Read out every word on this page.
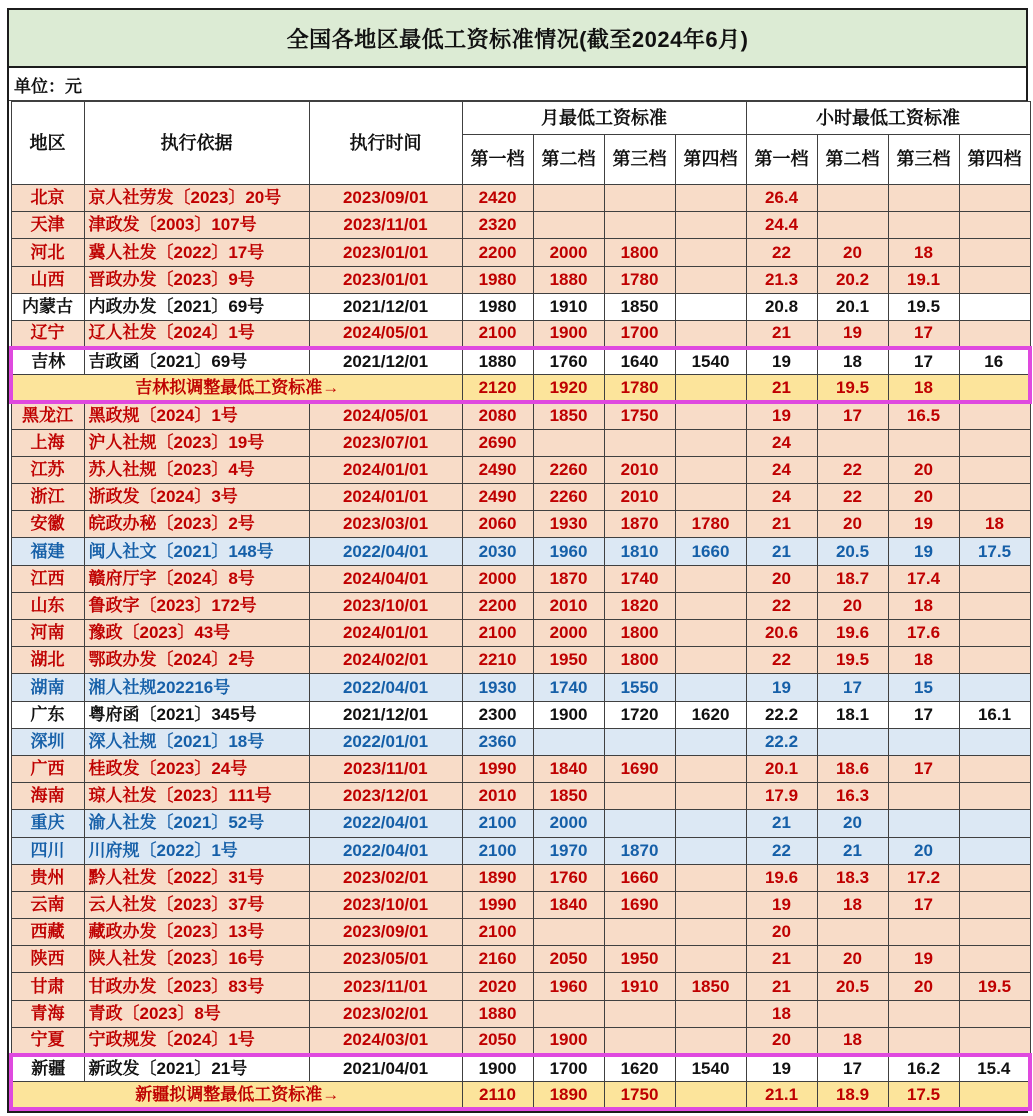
全国各地区最低工资标准情况(截至2024年6月)
单位：元
地区	执行依据	执行时间	月最低工资标准				小时最低工资标准			
			第一档	第二档	第三档	第四档	第一档	第二档	第三档	第四档
北京	京人社劳发〔2023〕20号	2023/09/01	2420				26.4			
天津	津政发〔2003〕107号	2023/11/01	2320				24.4			
河北	冀人社发〔2022〕17号	2023/01/01	2200	2000	1800		22	20	18	
山西	晋政办发〔2023〕9号	2023/01/01	1980	1880	1780		21.3	20.2	19.1	
内蒙古	内政办发〔2021〕69号	2021/12/01	1980	1910	1850		20.8	20.1	19.5	
辽宁	辽人社发〔2024〕1号	2024/05/01	2100	1900	1700		21	19	17	
吉林	吉政函〔2021〕69号	2021/12/01	1880	1760	1640	1540	19	18	17	16
吉林拟调整最低工资标准→			2120	1920	1780		21	19.5	18	
黑龙江	黑政规〔2024〕1号	2024/05/01	2080	1850	1750		19	17	16.5	
上海	沪人社规〔2023〕19号	2023/07/01	2690				24			
江苏	苏人社规〔2023〕4号	2024/01/01	2490	2260	2010		24	22	20	
浙江	浙政发〔2024〕3号	2024/01/01	2490	2260	2010		24	22	20	
安徽	皖政办秘〔2023〕2号	2023/03/01	2060	1930	1870	1780	21	20	19	18
福建	闽人社文〔2021〕148号	2022/04/01	2030	1960	1810	1660	21	20.5	19	17.5
江西	赣府厅字〔2024〕8号	2024/04/01	2000	1870	1740		20	18.7	17.4	
山东	鲁政字〔2023〕172号	2023/10/01	2200	2010	1820		22	20	18	
河南	豫政〔2023〕43号	2024/01/01	2100	2000	1800		20.6	19.6	17.6	
湖北	鄂政办发〔2024〕2号	2024/02/01	2210	1950	1800		22	19.5	18	
湖南	湘人社规202216号	2022/04/01	1930	1740	1550		19	17	15	
广东	粤府函〔2021〕345号	2021/12/01	2300	1900	1720	1620	22.2	18.1	17	16.1
深圳	深人社规〔2021〕18号	2022/01/01	2360				22.2			
广西	桂政发〔2023〕24号	2023/11/01	1990	1840	1690		20.1	18.6	17	
海南	琼人社发〔2023〕111号	2023/12/01	2010	1850			17.9	16.3		
重庆	渝人社发〔2021〕52号	2022/04/01	2100	2000			21	20		
四川	川府规〔2022〕1号	2022/04/01	2100	1970	1870		22	21	20	
贵州	黔人社发〔2022〕31号	2023/02/01	1890	1760	1660		19.6	18.3	17.2	
云南	云人社发〔2023〕37号	2023/10/01	1990	1840	1690		19	18	17	
西藏	藏政办发〔2023〕13号	2023/09/01	2100				20			
陕西	陕人社发〔2023〕16号	2023/05/01	2160	2050	1950		21	20	19	
甘肃	甘政办发〔2023〕83号	2023/11/01	2020	1960	1910	1850	21	20.5	20	19.5
青海	青政〔2023〕8号	2023/02/01	1880				18			
宁夏	宁政规发〔2024〕1号	2024/03/01	2050	1900			20	18		
新疆	新政发〔2021〕21号	2021/04/01	1900	1700	1620	1540	19	17	16.2	15.4
新疆拟调整最低工资标准→			2110	1890	1750		21.1	18.9	17.5	
